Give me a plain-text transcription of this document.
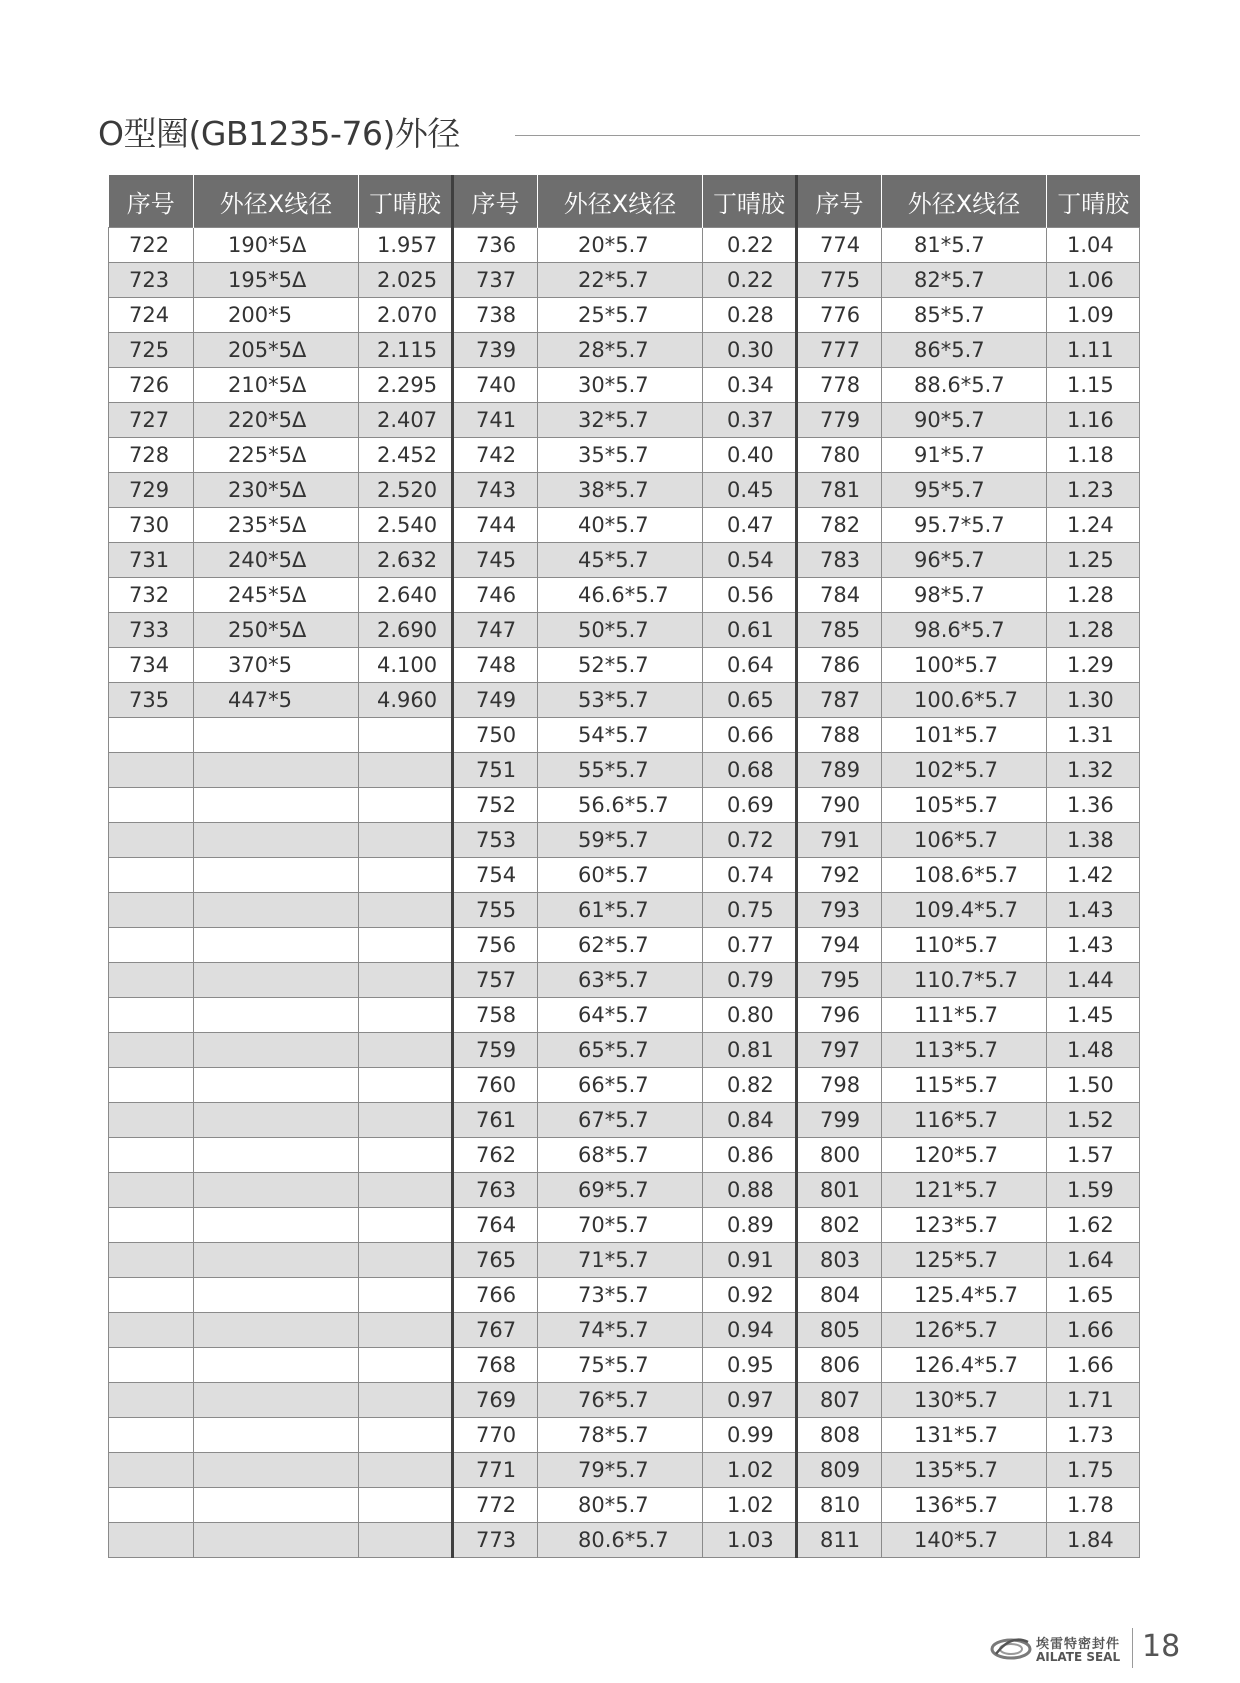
O型圈(GB1235-76)外径
序号	外径X线径	丁晴胶	序号	外径X线径	丁晴胶	序号	外径X线径	丁晴胶
722	190*5Δ	1.957	736	20*5.7	0.22	774	81*5.7	1.04
723	195*5Δ	2.025	737	22*5.7	0.22	775	82*5.7	1.06
724	200*5	2.070	738	25*5.7	0.28	776	85*5.7	1.09
725	205*5Δ	2.115	739	28*5.7	0.30	777	86*5.7	1.11
726	210*5Δ	2.295	740	30*5.7	0.34	778	88.6*5.7	1.15
727	220*5Δ	2.407	741	32*5.7	0.37	779	90*5.7	1.16
728	225*5Δ	2.452	742	35*5.7	0.40	780	91*5.7	1.18
729	230*5Δ	2.520	743	38*5.7	0.45	781	95*5.7	1.23
730	235*5Δ	2.540	744	40*5.7	0.47	782	95.7*5.7	1.24
731	240*5Δ	2.632	745	45*5.7	0.54	783	96*5.7	1.25
732	245*5Δ	2.640	746	46.6*5.7	0.56	784	98*5.7	1.28
733	250*5Δ	2.690	747	50*5.7	0.61	785	98.6*5.7	1.28
734	370*5	4.100	748	52*5.7	0.64	786	100*5.7	1.29
735	447*5	4.960	749	53*5.7	0.65	787	100.6*5.7	1.30
			750	54*5.7	0.66	788	101*5.7	1.31
			751	55*5.7	0.68	789	102*5.7	1.32
			752	56.6*5.7	0.69	790	105*5.7	1.36
			753	59*5.7	0.72	791	106*5.7	1.38
			754	60*5.7	0.74	792	108.6*5.7	1.42
			755	61*5.7	0.75	793	109.4*5.7	1.43
			756	62*5.7	0.77	794	110*5.7	1.43
			757	63*5.7	0.79	795	110.7*5.7	1.44
			758	64*5.7	0.80	796	111*5.7	1.45
			759	65*5.7	0.81	797	113*5.7	1.48
			760	66*5.7	0.82	798	115*5.7	1.50
			761	67*5.7	0.84	799	116*5.7	1.52
			762	68*5.7	0.86	800	120*5.7	1.57
			763	69*5.7	0.88	801	121*5.7	1.59
			764	70*5.7	0.89	802	123*5.7	1.62
			765	71*5.7	0.91	803	125*5.7	1.64
			766	73*5.7	0.92	804	125.4*5.7	1.65
			767	74*5.7	0.94	805	126*5.7	1.66
			768	75*5.7	0.95	806	126.4*5.7	1.66
			769	76*5.7	0.97	807	130*5.7	1.71
			770	78*5.7	0.99	808	131*5.7	1.73
			771	79*5.7	1.02	809	135*5.7	1.75
			772	80*5.7	1.02	810	136*5.7	1.78
			773	80.6*5.7	1.03	811	140*5.7	1.84
埃雷特密封件
AILATE SEAL 18
